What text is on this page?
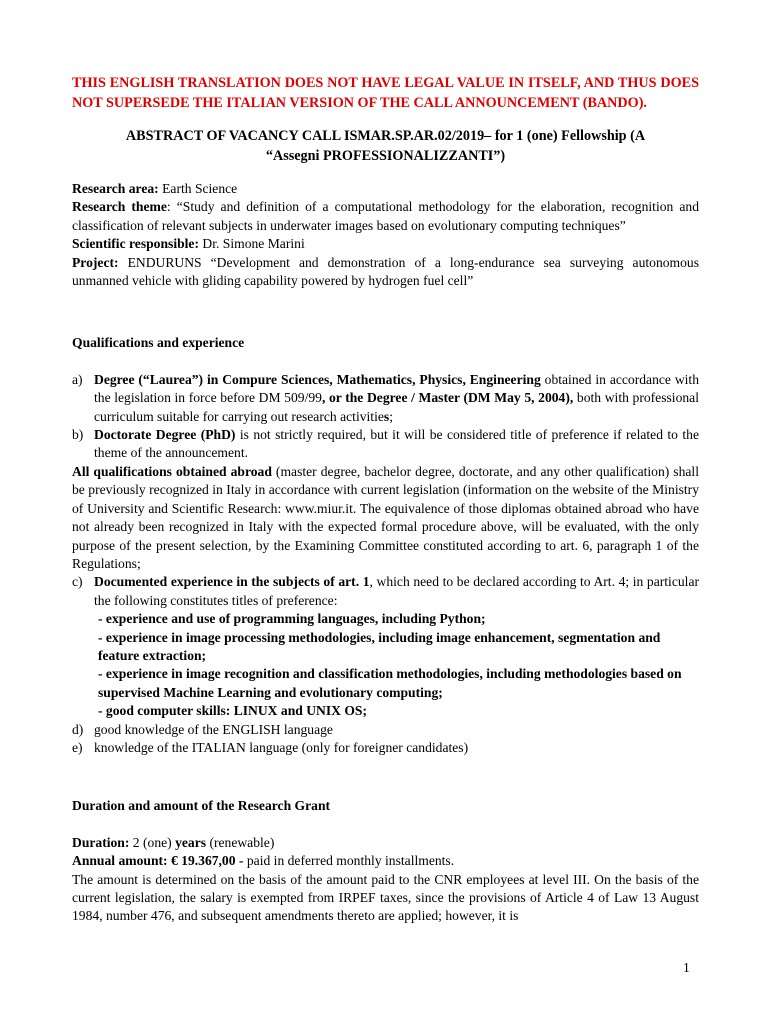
THIS ENGLISH TRANSLATION DOES NOT HAVE LEGAL VALUE IN ITSELF, AND THUS DOES NOT SUPERSEDE THE ITALIAN VERSION OF THE CALL ANNOUNCEMENT (BANDO).

ABSTRACT OF VACANCY CALL ISMAR.SP.AR.02/2019– for 1 (one) Fellowship (A
“Assegni PROFESSIONALIZZANTI”)

Research area: Earth Science

Research theme: “Study and definition of a computational methodology for the elaboration, recognition and classification of relevant subjects in underwater images based on evolutionary computing techniques”

Scientific responsible: Dr. Simone Marini

Project: ENDURUNS “Development and demonstration of a long-endurance sea surveying autonomous unmanned vehicle with gliding capability powered by hydrogen fuel cell”

Qualifications and experience

a) Degree (“Laurea”) in Compure Sciences, Mathematics, Physics, Engineering obtained in accordance with the legislation in force before DM 509/99, or the Degree / Master (DM May 5, 2004), both with professional curriculum suitable for carrying out research activities;

b) Doctorate Degree (PhD) is not strictly required, but it will be considered title of preference if related to the theme of the announcement.

All qualifications obtained abroad (master degree, bachelor degree, doctorate, and any other qualification) shall be previously recognized in Italy in accordance with current legislation (information on the website of the Ministry of University and Scientific Research: www.miur.it. The equivalence of those diplomas obtained abroad who have not already been recognized in Italy with the expected formal procedure above, will be evaluated, with the only purpose of the present selection, by the Examining Committee constituted according to art. 6, paragraph 1 of the Regulations;

c) Documented experience in the subjects of art. 1, which need to be declared according to Art. 4; in particular the following constitutes titles of preference:

- experience and use of programming languages, including Python;

- experience in image processing methodologies, including image enhancement, segmentation and feature extraction;

- experience in image recognition and classification methodologies, including methodologies based on supervised Machine Learning and evolutionary computing;

- good computer skills: LINUX and UNIX OS;

d) good knowledge of the ENGLISH language

e) knowledge of the ITALIAN language (only for foreigner candidates)

Duration and amount of the Research Grant

Duration: 2 (one) years (renewable)

Annual amount: € 19.367,00 - paid in deferred monthly installments.

The amount is determined on the basis of the amount paid to the CNR employees at level III. On the basis of the current legislation, the salary is exempted from IRPEF taxes, since the provisions of Article 4 of Law 13 August 1984, number 476, and subsequent amendments thereto are applied; however, it is

1
